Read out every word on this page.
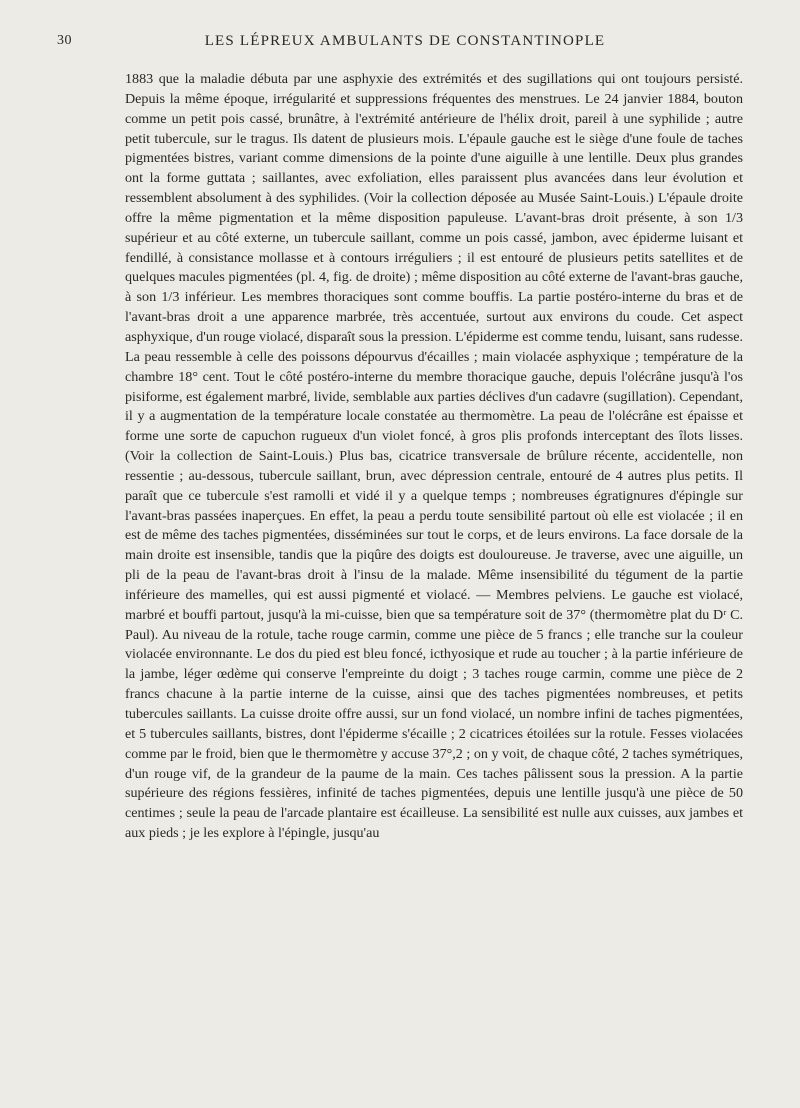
30	LES LÉPREUX AMBULANTS DE CONSTANTINOPLE

1883 que la maladie débuta par une asphyxie des extrémités et des sugillations qui ont toujours persisté. Depuis la même époque, irrégularité et suppressions fréquentes des menstrues. Le 24 janvier 1884, bouton comme un petit pois cassé, brunâtre, à l'extrémité antérieure de l'hélix droit, pareil à une syphilide ; autre petit tubercule, sur le tragus. Ils datent de plusieurs mois. L'épaule gauche est le siège d'une foule de taches pigmentées bistres, variant comme dimensions de la pointe d'une aiguille à une lentille. Deux plus grandes ont la forme guttata ; saillantes, avec exfoliation, elles paraissent plus avancées dans leur évolution et ressemblent absolument à des syphilides. (Voir la collection déposée au Musée Saint-Louis.) L'épaule droite offre la même pigmentation et la même disposition papuleuse. L'avant-bras droit présente, à son 1/3 supérieur et au côté externe, un tubercule saillant, comme un pois cassé, jambon, avec épiderme luisant et fendillé, à consistance mollasse et à contours irréguliers ; il est entouré de plusieurs petits satellites et de quelques macules pigmentées (pl. 4, fig. de droite) ; même disposition au côté externe de l'avant-bras gauche, à son 1/3 inférieur. Les membres thoraciques sont comme bouffis. La partie postéro-interne du bras et de l'avant-bras droit a une apparence marbrée, très accentuée, surtout aux environs du coude. Cet aspect asphyxique, d'un rouge violacé, disparaît sous la pression. L'épiderme est comme tendu, luisant, sans rudesse. La peau ressemble à celle des poissons dépourvus d'écailles ; main violacée asphyxique ; température de la chambre 18° cent. Tout le côté postéro-interne du membre thoracique gauche, depuis l'olécrâne jusqu'à l'os pisiforme, est également marbré, livide, semblable aux parties déclives d'un cadavre (sugillation). Cependant, il y a augmentation de la température locale constatée au thermomètre. La peau de l'olécrâne est épaisse et forme une sorte de capuchon rugueux d'un violet foncé, à gros plis profonds interceptant des îlots lisses. (Voir la collection de Saint-Louis.) Plus bas, cicatrice transversale de brûlure récente, accidentelle, non ressentie ; au-dessous, tubercule saillant, brun, avec dépression centrale, entouré de 4 autres plus petits. Il paraît que ce tubercule s'est ramolli et vidé il y a quelque temps ; nombreuses égratignures d'épingle sur l'avant-bras passées inaperçues. En effet, la peau a perdu toute sensibilité partout où elle est violacée ; il en est de même des taches pigmentées, disséminées sur tout le corps, et de leurs environs. La face dorsale de la main droite est insensible, tandis que la piqûre des doigts est douloureuse. Je traverse, avec une aiguille, un pli de la peau de l'avant-bras droit à l'insu de la malade. Même insensibilité du tégument de la partie inférieure des mamelles, qui est aussi pigmenté et violacé. — Membres pelviens. Le gauche est violacé, marbré et bouffi partout, jusqu'à la mi-cuisse, bien que sa température soit de 37° (thermomètre plat du Dʳ C. Paul). Au niveau de la rotule, tache rouge carmin, comme une pièce de 5 francs ; elle tranche sur la couleur violacée environnante. Le dos du pied est bleu foncé, icthyosique et rude au toucher ; à la partie inférieure de la jambe, léger œdème qui conserve l'empreinte du doigt ; 3 taches rouge carmin, comme une pièce de 2 francs chacune à la partie interne de la cuisse, ainsi que des taches pigmentées nombreuses, et petits tubercules saillants. La cuisse droite offre aussi, sur un fond violacé, un nombre infini de taches pigmentées, et 5 tubercules saillants, bistres, dont l'épiderme s'écaille ; 2 cicatrices étoilées sur la rotule. Fesses violacées comme par le froid, bien que le thermomètre y accuse 37°,2 ; on y voit, de chaque côté, 2 taches symétriques, d'un rouge vif, de la grandeur de la paume de la main. Ces taches pâlissent sous la pression. A la partie supérieure des régions fessières, infinité de taches pigmentées, depuis une lentille jusqu'à une pièce de 50 centimes ; seule la peau de l'arcade plantaire est écailleuse. La sensibilité est nulle aux cuisses, aux jambes et aux pieds ; je les explore à l'épingle, jusqu'au
